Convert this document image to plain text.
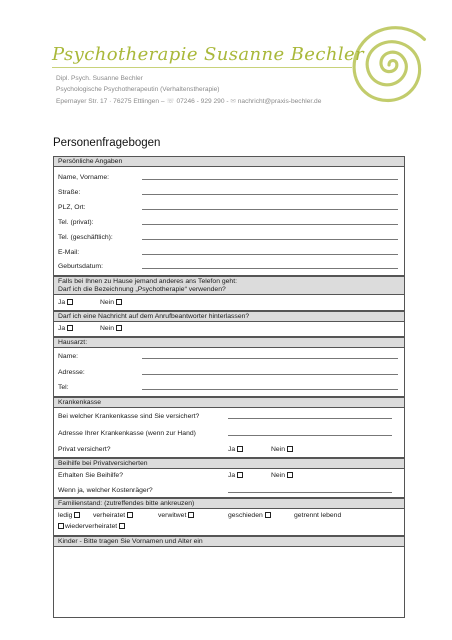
Psychotherapie Susanne Bechler
Dipl. Psych. Susanne Bechler
Psychologische Psychotherapeutin (Verhaltenstherapie)
Epernayer Str. 17 · 76275 Ettlingen – ☏ 07246 - 929 290 - ✉ nachricht@praxis-bechler.de
Personenfragebogen
Persönliche Angaben
Name, Vorname:
Straße:
PLZ, Ort:
Tel. (privat):
Tel. (geschäftlich):
E-Mail:
Geburtsdatum:
Falls bei Ihnen zu Hause jemand anderes ans Telefon geht:
Darf ich die Bezeichnung „Psychotherapie“ verwenden?
Ja	Nein
Darf ich eine Nachricht auf dem Anrufbeantworter hinterlassen?
Ja	Nein
Hausarzt:
Name:
Adresse:
Tel:
Krankenkasse
Bei welcher Krankenkasse sind Sie versichert?
Adresse Ihrer Krankenkasse (wenn zur Hand)
Privat versichert?	Ja	Nein
Beihilfe bei Privatversicherten
Erhalten Sie Beihilfe?	Ja	Nein
Wenn ja, welcher Kostenräger?
Familienstand: (zutreffendes bitte ankreuzen)
ledig	verheiratet	verwitwet	geschieden	getrennt lebend
wiederverheiratet
Kinder - Bitte tragen Sie Vornamen und Alter ein
